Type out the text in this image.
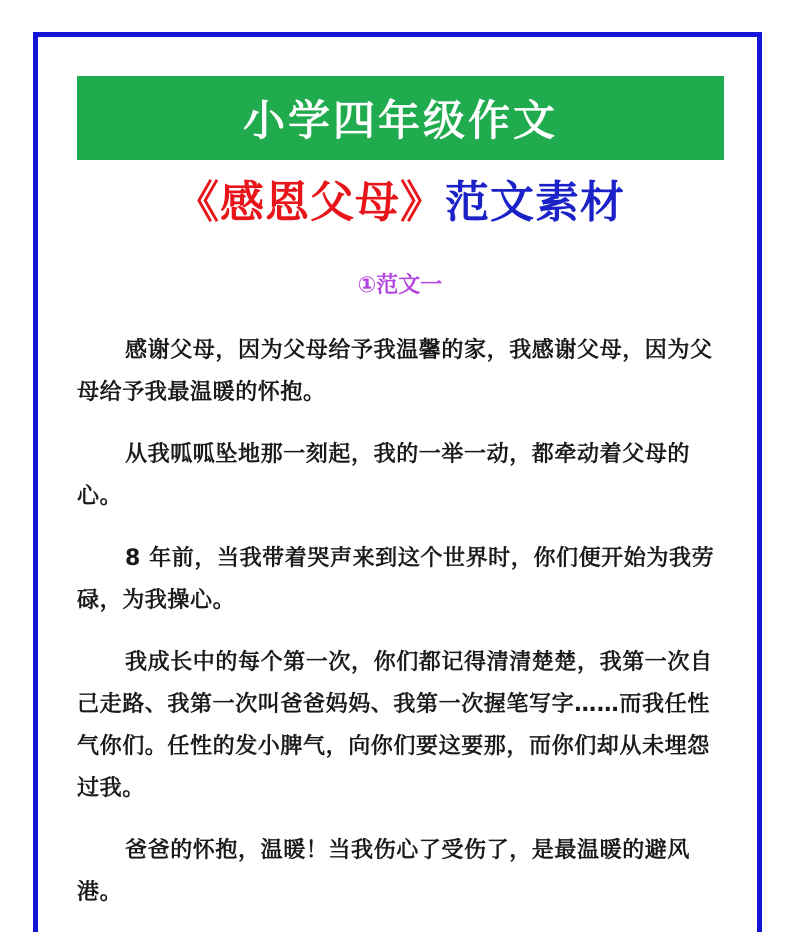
小学四年级作文
《感恩父母》范文素材
①范文一

感谢父母，因为父母给予我温馨的家，我感谢父母，因为父母给予我最温暖的怀抱。

从我呱呱坠地那一刻起，我的一举一动，都牵动着父母的心。

8 年前，当我带着哭声来到这个世界时，你们便开始为我劳碌，为我操心。

我成长中的每个第一次，你们都记得清清楚楚，我第一次自己走路、我第一次叫爸爸妈妈、我第一次握笔写字……而我任性气你们。任性的发小脾气，向你们要这要那，而你们却从未埋怨过我。

爸爸的怀抱，温暖！当我伤心了受伤了，是最温暖的避风港。
